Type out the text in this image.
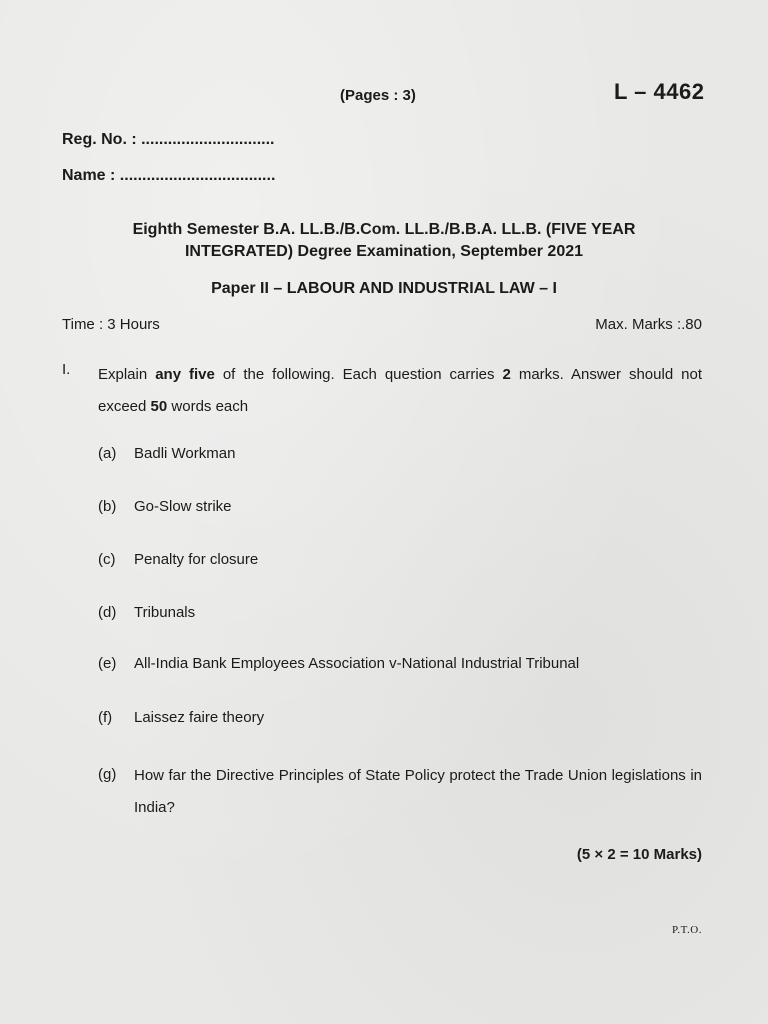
(Pages : 3)	L – 4462
Reg. No. : ..............................
Name : ...................................
Eighth Semester B.A. LL.B./B.Com. LL.B./B.B.A. LL.B. (FIVE YEAR
INTEGRATED) Degree Examination, September 2021
Paper II – LABOUR AND INDUSTRIAL LAW – I
Time : 3 Hours	Max. Marks :.80
I. Explain any five of the following. Each question carries 2 marks. Answer should not exceed 50 words each
(a) Badli Workman
(b) Go-Slow strike
(c) Penalty for closure
(d) Tribunals
(e) All-India Bank Employees Association v-National Industrial Tribunal
(f) Laissez faire theory
(g)	How far the Directive Principles of State Policy protect the Trade Union legislations in India?
(5 × 2 = 10 Marks)
P.T.O.
